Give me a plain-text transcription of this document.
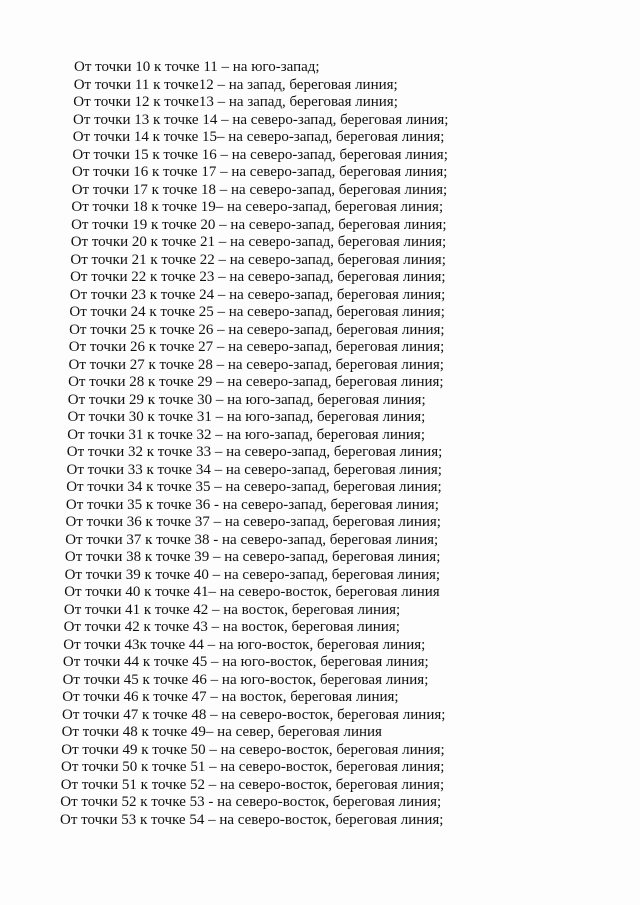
От точки 10 к точке 11 – на юго-запад;
От точки 11 к точке12 – на запад, береговая линия;
От точки 12 к точке13 – на запад, береговая линия;
От точки 13 к точке 14 – на северо-запад, береговая линия;
От точки 14 к точке 15– на северо-запад, береговая линия;
От точки 15 к точке 16 – на северо-запад, береговая линия;
От точки 16 к точке 17 – на северо-запад, береговая линия;
От точки 17 к точке 18 – на северо-запад, береговая линия;
От точки 18 к точке 19– на северо-запад, береговая линия;
От точки 19 к точке 20 – на северо-запад, береговая линия;
От точки 20 к точке 21 – на северо-запад, береговая линия;
От точки 21 к точке 22 – на северо-запад, береговая линия;
От точки 22 к точке 23 – на северо-запад, береговая линия;
От точки 23 к точке 24 – на северо-запад, береговая линия;
От точки 24 к точке 25 – на северо-запад, береговая линия;
От точки 25 к точке 26 – на северо-запад, береговая линия;
От точки 26 к точке 27 – на северо-запад, береговая линия;
От точки 27 к точке 28 – на северо-запад, береговая линия;
От точки 28 к точке 29 – на северо-запад, береговая линия;
От точки 29 к точке 30 – на юго-запад, береговая линия;
От точки 30 к точке 31 – на юго-запад, береговая линия;
От точки 31 к точке 32 – на юго-запад, береговая линия;
От точки 32 к точке 33 – на северо-запад, береговая линия;
От точки 33 к точке 34 – на северо-запад, береговая линия;
От точки 34 к точке 35 – на северо-запад, береговая линия;
От точки 35 к точке 36 - на северо-запад, береговая линия;
От точки 36 к точке 37 – на северо-запад, береговая линия;
От точки 37 к точке 38 - на северо-запад, береговая линия;
От точки 38 к точке 39 – на северо-запад, береговая линия;
От точки 39 к точке 40 – на северо-запад, береговая линия;
От точки 40 к точке 41– на северо-восток, береговая линия
От точки 41 к точке 42 – на восток, береговая линия;
От точки 42 к точке 43 – на восток, береговая линия;
От точки 43к точке 44 – на юго-восток, береговая линия;
От точки 44 к точке 45 – на юго-восток, береговая линия;
От точки 45 к точке 46 – на юго-восток, береговая линия;
От точки 46 к точке 47 – на восток, береговая линия;
От точки 47 к точке 48 – на северо-восток, береговая линия;
От точки 48 к точке 49– на север, береговая линия
От точки 49 к точке 50 – на северо-восток, береговая линия;
От точки 50 к точке 51 – на северо-восток, береговая линия;
От точки 51 к точке 52 – на северо-восток, береговая линия;
От точки 52 к точке 53 - на северо-восток, береговая линия;
От точки 53 к точке 54 – на северо-восток, береговая линия;
